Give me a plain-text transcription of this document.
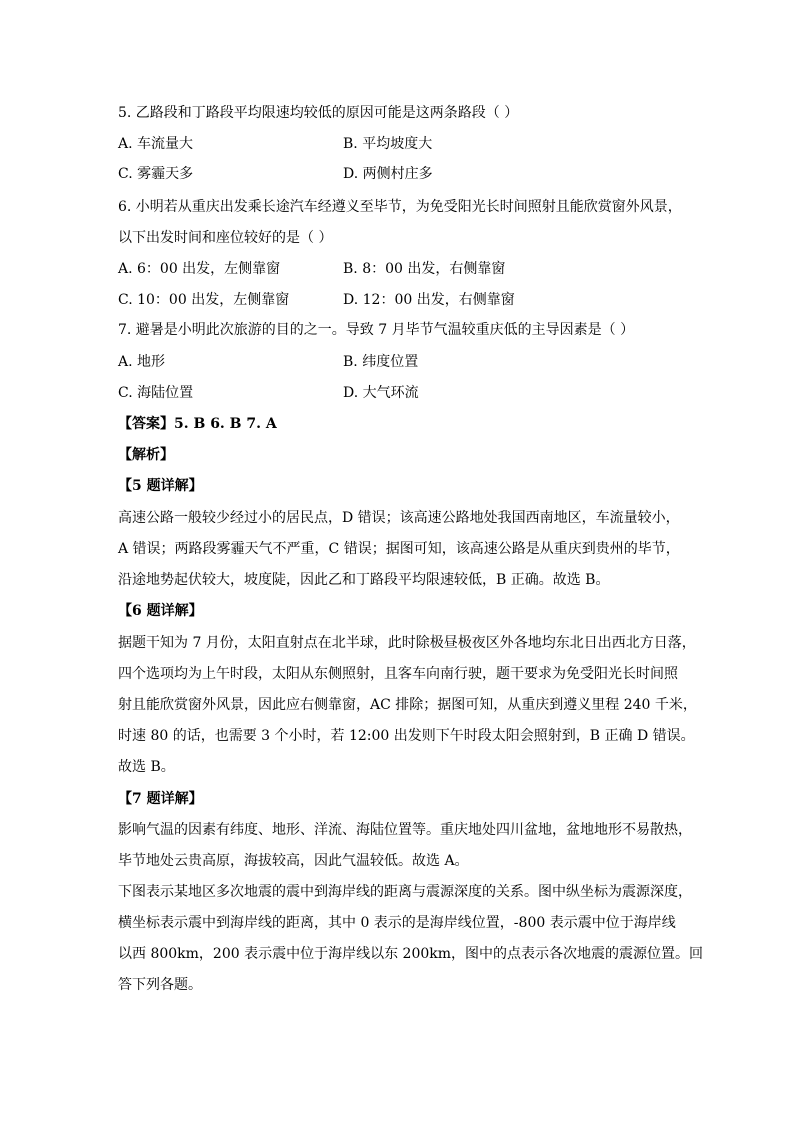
5. 乙路段和丁路段平均限速均较低的原因可能是这两条路段（ ）
A. 车流量大	B. 平均坡度大
C. 雾霾天多	D. 两侧村庄多
6. 小明若从重庆出发乘长途汽车经遵义至毕节，为免受阳光长时间照射且能欣赏窗外风景，
以下出发时间和座位较好的是（ ）
A. 6：00 出发，左侧靠窗	B. 8：00 出发，右侧靠窗
C. 10：00 出发，左侧靠窗	D. 12：00 出发，右侧靠窗
7. 避暑是小明此次旅游的目的之一。导致 7 月毕节气温较重庆低的主导因素是（ ）
A. 地形	B. 纬度位置
C. 海陆位置	D. 大气环流
【答案】5. B 6. B 7. A
【解析】
【5 题详解】
高速公路一般较少经过小的居民点，D 错误；该高速公路地处我国西南地区，车流量较小，
A 错误；两路段雾霾天气不严重，C 错误；据图可知，该高速公路是从重庆到贵州的毕节，
沿途地势起伏较大，坡度陡，因此乙和丁路段平均限速较低，B 正确。故选 B。
【6 题详解】
据题干知为 7 月份，太阳直射点在北半球，此时除极昼极夜区外各地均东北日出西北方日落，
四个选项均为上午时段，太阳从东侧照射，且客车向南行驶，题干要求为免受阳光长时间照
射且能欣赏窗外风景，因此应右侧靠窗，AC 排除；据图可知，从重庆到遵义里程 240 千米，
时速 80 的话，也需要 3 个小时，若 12:00 出发则下午时段太阳会照射到，B 正确 D 错误。
故选 B。
【7 题详解】
影响气温的因素有纬度、地形、洋流、海陆位置等。重庆地处四川盆地，盆地地形不易散热，
毕节地处云贵高原，海拔较高，因此气温较低。故选 A。
下图表示某地区多次地震的震中到海岸线的距离与震源深度的关系。图中纵坐标为震源深度，
横坐标表示震中到海岸线的距离，其中 0 表示的是海岸线位置，-800 表示震中位于海岸线
以西 800km，200 表示震中位于海岸线以东 200km，图中的点表示各次地震的震源位置。回
答下列各题。
